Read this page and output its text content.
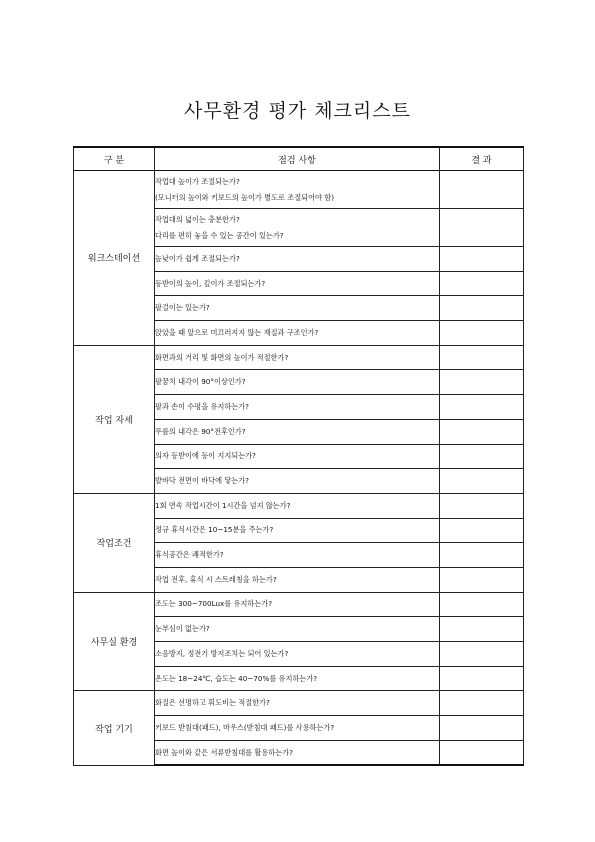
사무환경 평가 체크리스트
구 분	점검 사항	결 과
워크스테이션	작업대 높이가 조절되는가?
(모니터의 높이와 키보드의 높이가 별도로 조절되어야 함)	

	작업대의 넓이는 충분한가?
다리를 편히 놓을 수 있는 공간이 있는가?	

	높낮이가 쉽게 조절되는가?	

	등받이의 높이, 깊이가 조절되는가?	

	팔걸이는 있는가?	

	앉았을 때 앞으로 미끄러지지 않는 재질과 구조인가?	

작업 자세	화면과의 거리 및 화면의 높이가 적절한가?	

	팔꿈치 내각이 90°이상인가?	

	팔과 손이 수평을 유지하는가?	

	무릎의 내각은 90°전후인가?	

	의자 등받이에 등이 지지되는가?	

	발바닥 전면이 바닥에 닿는가?	

작업조건	1회 연속 작업시간이 1시간을 넘지 않는가?	

	정규 휴식시간은 10~15분을 주는가?	

	휴식공간은 쾌적한가?	

	작업 전후, 휴식 시 스트레칭을 하는가?	

사무실 환경	조도는 300~700Lux를 유지하는가?	

	눈부심이 없는가?	

	소음방지, 정전기 방지조치는 되어 있는가?	

	온도는 18~24℃, 습도는 40~70%를 유지하는가?	

작업 기기	화질은 선명하고 휘도비는 적절한가?	

	키보드 받침대(패드), 마우스(받침대 패드)를 사용하는가?	

	화면 높이와 같은 서류받침대를 활용하는가?	
